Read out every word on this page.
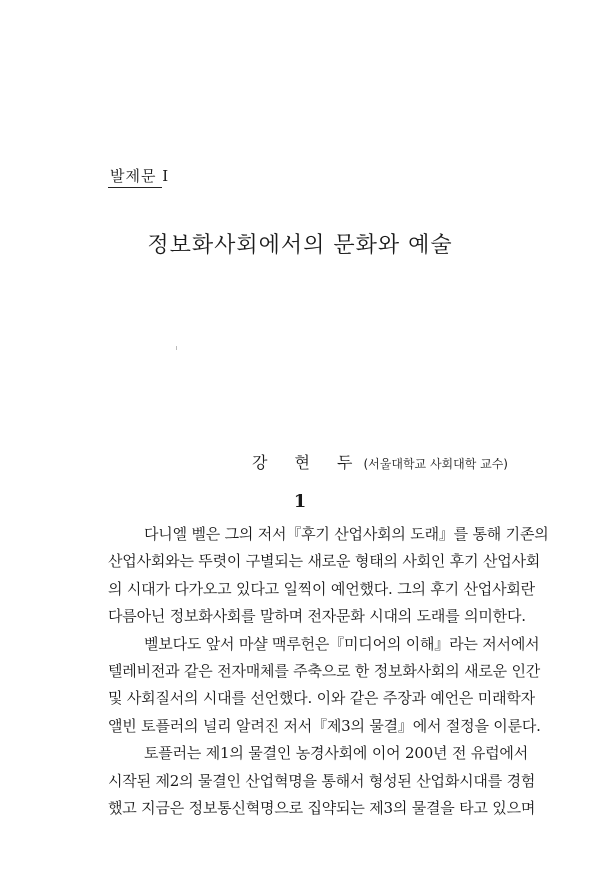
발제문 Ⅰ
정보화사회에서의 문화와 예술
강 현 두(서울대학교 사회대학 교수)
1
다니엘 벨은 그의 저서『후기 산업사회의 도래』를 통해 기존의
산업사회와는 뚜렷이 구별되는 새로운 형태의 사회인 후기 산업사회
의 시대가 다가오고 있다고 일찍이 예언했다. 그의 후기 산업사회란
다름아닌 정보화사회를 말하며 전자문화 시대의 도래를 의미한다.
벨보다도 앞서 마샬 맥루헌은『미디어의 이해』라는 저서에서
텔레비전과 같은 전자매체를 주축으로 한 정보화사회의 새로운 인간
및 사회질서의 시대를 선언했다. 이와 같은 주장과 예언은 미래학자
앨빈 토플러의 널리 알려진 저서『제3의 물결』에서 절정을 이룬다.
토플러는 제1의 물결인 농경사회에 이어 200년 전 유럽에서
시작된 제2의 물결인 산업혁명을 통해서 형성된 산업화시대를 경험
했고 지금은 정보통신혁명으로 집약되는 제3의 물결을 타고 있으며
